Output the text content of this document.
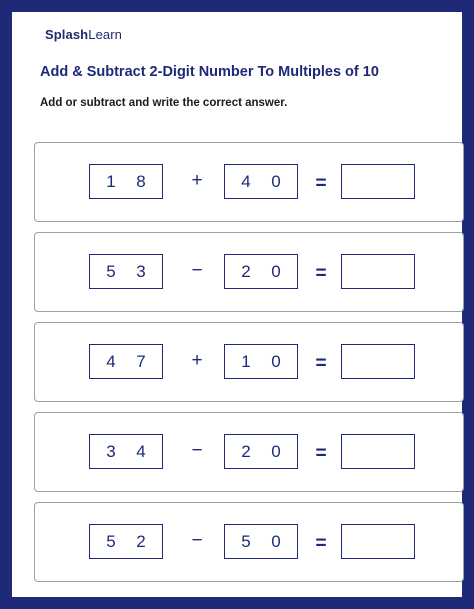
SplashLearn
Add & Subtract 2-Digit Number To Multiples of 10
Add or subtract and write the correct answer.
1 8	+	4 0 =
5 3	−	2 0 =
4 7	+	1 0 =
3 4	−	2 0 =
5 2	−	5 0 =
